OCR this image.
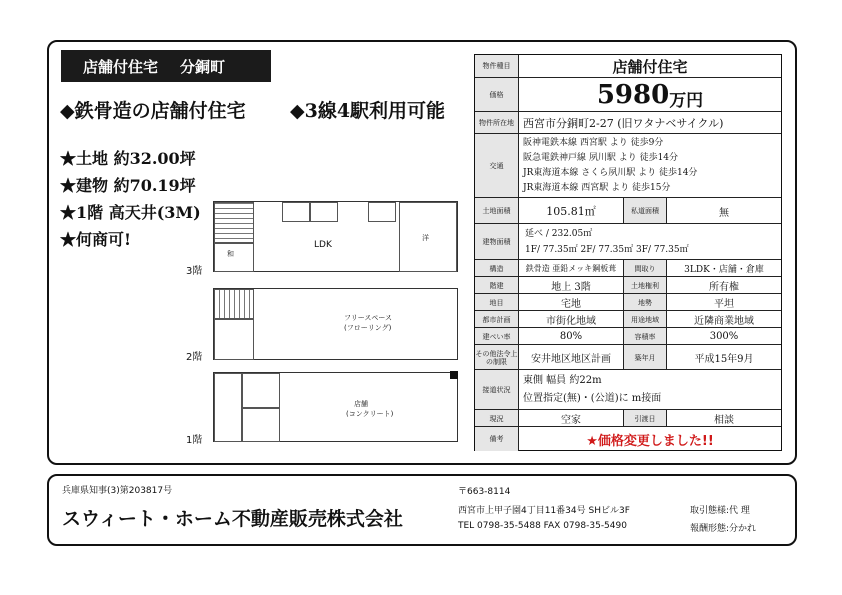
店舗付住宅 分銅町
◆鉄骨造の店舗付住宅 ◆3線4駅利用可能
★土地 約32.00坪
★建物 約70.19坪
★1階 高天井(3M)
★何商可!
和
LDK
洋
3階
フリースペース
(フローリング)
2階
店舗
(コンクリート)
1階
物件種目	店舗付住宅
価格	5980 万円
物件所在地 西宮市分銅町2-27 (旧ワタナベサイクル)
交通
阪神電鉄本線 西宮駅 より 徒歩9分
阪急電鉄神戸線 夙川駅 より 徒歩14分
JR東海道本線 さくら夙川駅 より 徒歩14分
JR東海道本線 西宮駅 より 徒歩15分
土地面積	105.81㎡	私道面積	無
建物面積
延べ / 232.05㎡
1F/ 77.35㎡ 2F/ 77.35㎡ 3F/ 77.35㎡
構造	鉄骨造 亜鉛メッキ鋼板葺	間取り	3LDK・店舗・倉庫
階建	地上 3階	土地権利	所有権
地目	宅地	地勢	平坦
都市計画	市街化地域	用途地域	近隣商業地域
建ぺい率	80%	容積率	300%
その他法令上の制限	安井地区地区計画	築年月	平成15年9月
接道状況
東側 幅員 約22m
位置指定(無)・(公道)に m接面
現況	空家	引渡日	相談
備考	★価格変更しました!!
兵庫県知事(3)第203817号
スウィート・ホーム不動産販売株式会社
〒663-8114
西宮市上甲子園4丁目11番34号 SHビル3F
TEL 0798-35-5488 FAX 0798-35-5490
取引態様:代 理
報酬形態:分かれ
